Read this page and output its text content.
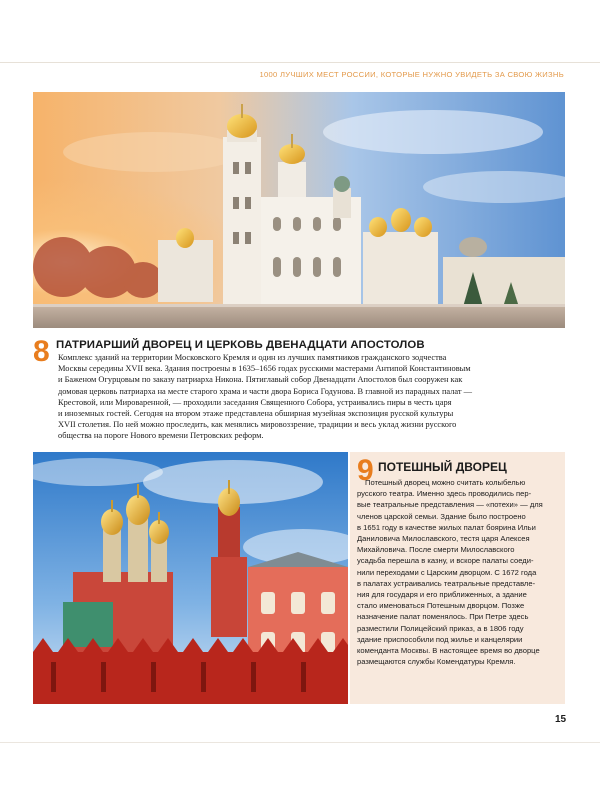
1000 ЛУЧШИХ МЕСТ РОССИИ, КОТОРЫЕ НУЖНО УВИДЕТЬ ЗА СВОЮ ЖИЗНЬ
8 ПАТРИАРШИЙ ДВОРЕЦ И ЦЕРКОВЬ ДВЕНАДЦАТИ АПОСТОЛОВ
Комплекс зданий на территории Московского Кремля и один из лучших памятников гражданского зодчества
Москвы середины XVII века. Здания построены в 1635–1656 годах русскими мастерами Антипой Константиновым
и Баженом Огурцовым по заказу патриарха Никона. Пятиглавый собор Двенадцати Апостолов был сооружен как
домовая церковь патриарха на месте старого храма и части двора Бориса Годунова. В главной из парадных палат —
Крестовой, или Мироваренной, — проходили заседания Священного Собора, устраивались пиры в честь царя
и иноземных гостей. Сегодня на втором этаже представлена обширная музейная экспозиция русской культуры
XVII столетия. По ней можно проследить, как менялись мировоззрение, традиции и весь уклад жизни русского
общества на пороге Нового времени Петровских реформ.
9 ПОТЕШНЫЙ ДВОРЕЦ
Потешный дворец можно считать колыбелью
русского театра. Именно здесь проводились пер-
вые театральные представления — «потехи» — для
членов царской семьи. Здание было построено
в 1651 году в качестве жилых палат боярина Ильи
Даниловича Милославского, тестя царя Алексея
Михайловича. После смерти Милославского
усадьба перешла в казну, и вскоре палаты соеди-
нили переходами с Царским дворцом. С 1672 года
в палатах устраивались театральные представле-
ния для государя и его приближенных, а здание
стало именоваться Потешным дворцом. Позже
назначение палат поменялось. При Петре здесь
разместили Полицейский приказ, а в 1806 году
здание приспособили под жилье и канцелярии
коменданта Москвы. В настоящее время во дворце
размещаются службы Комендатуры Кремля.
15
